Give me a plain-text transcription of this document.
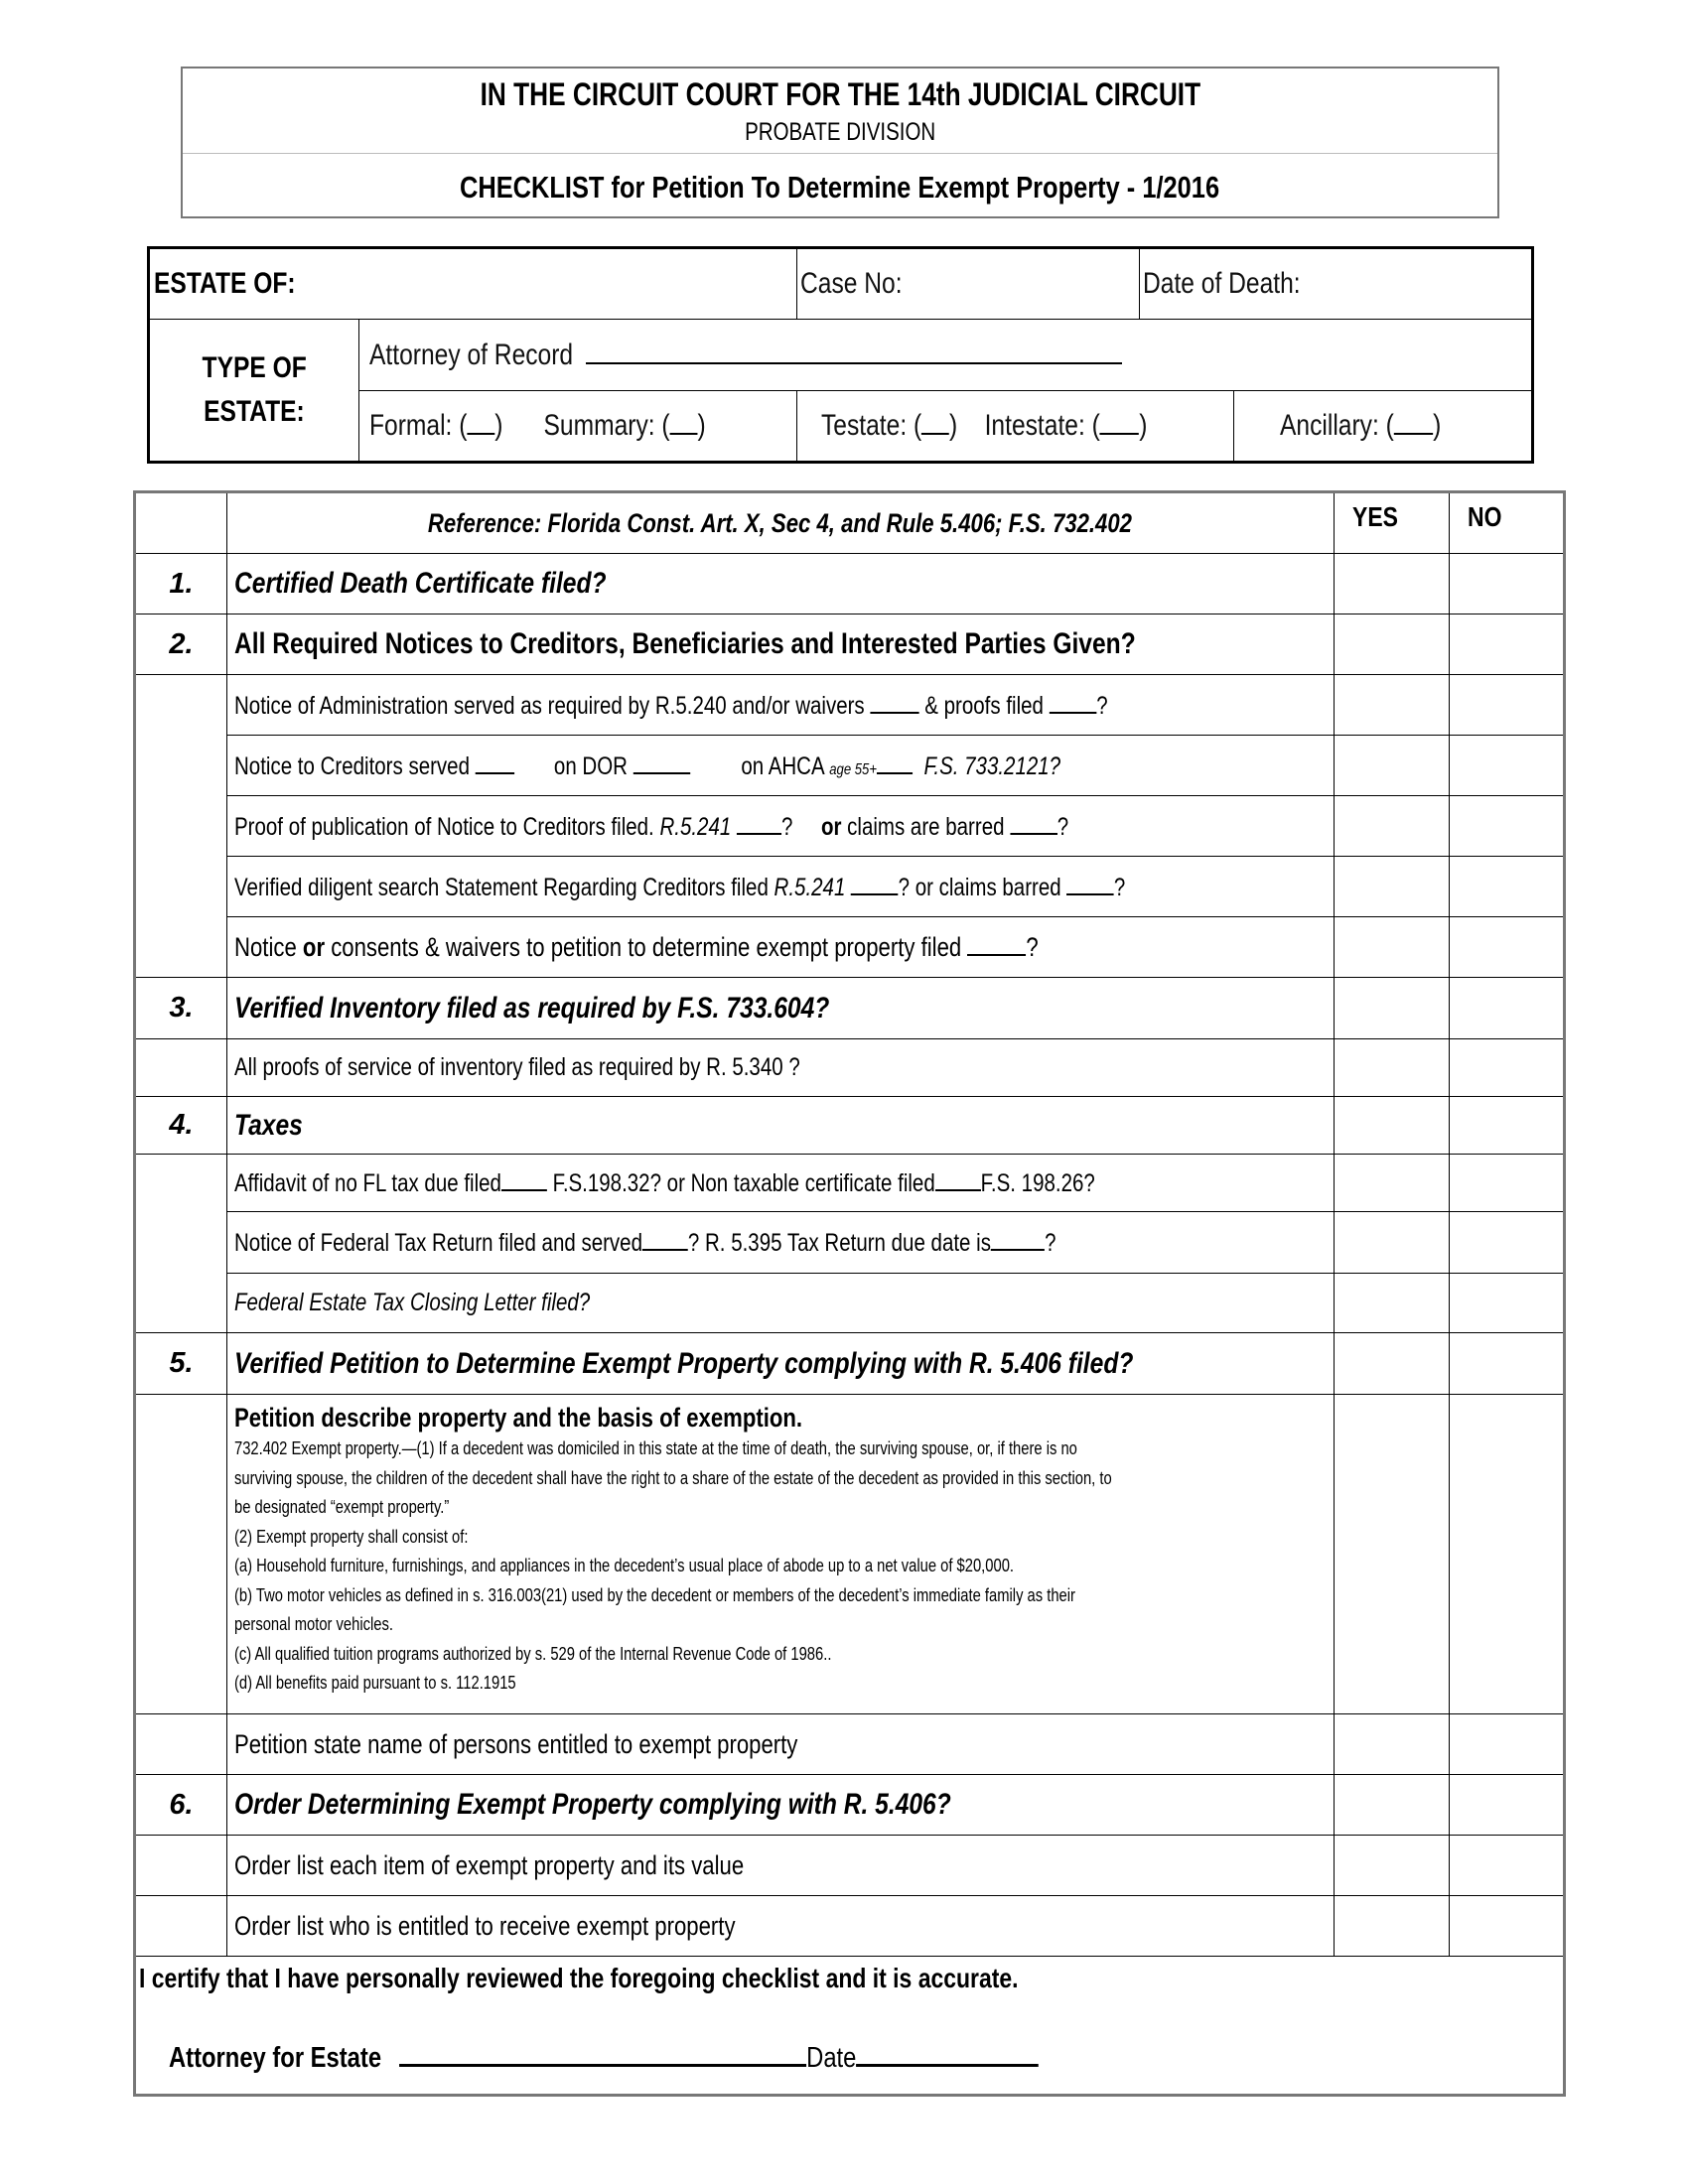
IN THE CIRCUIT COURT FOR THE 14th JUDICIAL CIRCUIT
PROBATE DIVISION
CHECKLIST for Petition To Determine Exempt Property - 1/2016
ESTATE OF:		Case No:	Date of Death:	

TYPE OF
ESTATE:	Attorney of Record			
	Formal: ( ) Summary: ( )	Testate: ( ) Intestate: ( )		Ancillary: ( )
	Reference: Florida Const. Art. X, Sec 4, and Rule 5.406; F.S. 732.402	YES	NO
1.	Certified Death Certificate filed?		
2.	All Required Notices to Creditors, Beneficiaries and Interested Parties Given?		
	Notice of Administration served as required by R.5.240 and/or waivers  & proofs filed ?		
	Notice to Creditors served on DOR on AHCA age 55+ F.S. 733.2121?		
	Proof of publication of Notice to Creditors filed. R.5.241 ? or claims are barred ?		
	Verified diligent search Statement Regarding Creditors filed R.5.241 ? or claims barred ?		
	Notice or consents & waivers to petition to determine exempt property filed ?		
3.	Verified Inventory filed as required by F.S. 733.604?		
	All proofs of service of inventory filed as required by R. 5.340 ?		
4.	Taxes		
	Affidavit of no FL tax due filed F.S.198.32? or Non taxable certificate filed F.S. 198.26?		
	Notice of Federal Tax Return filed and served ? R. 5.395 Tax Return due date is ?		
	Federal Estate Tax Closing Letter filed?		
5.	Verified Petition to Determine Exempt Property complying with R. 5.406 filed?		

Petition describe property and the basis of exemption.
732.402 Exempt property.—(1) If a decedent was domiciled in this state at the time of death, the surviving spouse, or, if there is no
surviving spouse, the children of the decedent shall have the right to a share of the estate of the decedent as provided in this section, to
be designated “exempt property.”
(2) Exempt property shall consist of:
(a) Household furniture, furnishings, and appliances in the decedent’s usual place of abode up to a net value of $20,000.
(b) Two motor vehicles as defined in s. 316.003(21) used by the decedent or members of the decedent’s immediate family as their
personal motor vehicles.
(c) All qualified tuition programs authorized by s. 529 of the Internal Revenue Code of 1986..
(d) All benefits paid pursuant to s. 112.1915

	Petition state name of persons entitled to exempt property		
6.	Order Determining Exempt Property complying with R. 5.406?		
	Order list each item of exempt property and its value		
	Order list who is entitled to receive exempt property		

I certify that I have personally reviewed the foregoing checklist and it is accurate.
Attorney for Estate Date			
